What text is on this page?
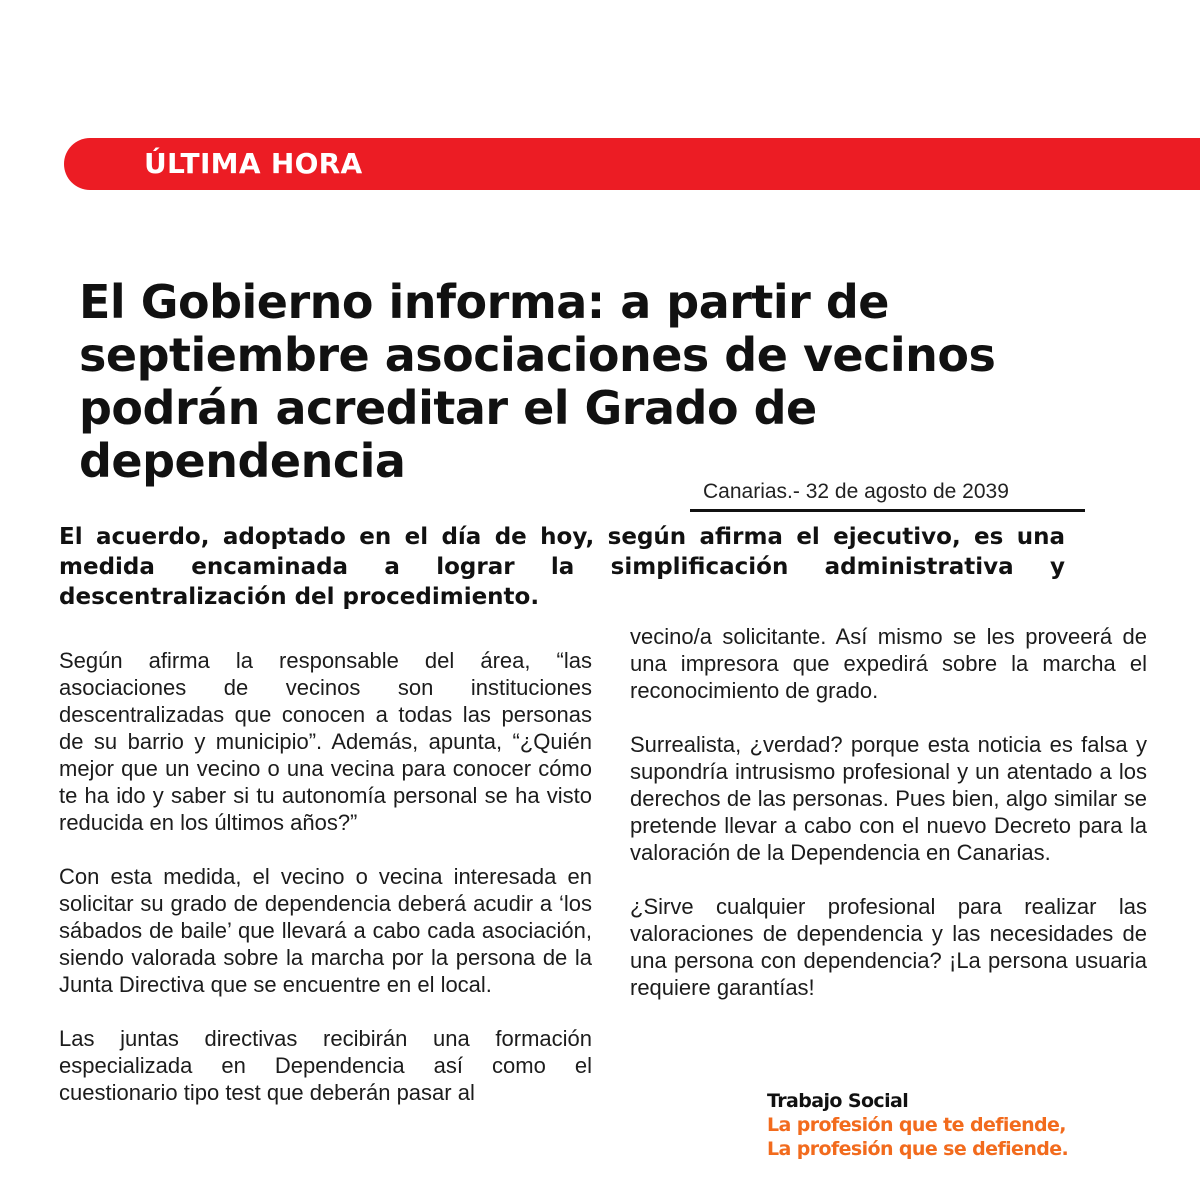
ÚLTIMA HORA
El Gobierno informa: a partir de septiembre asociaciones de vecinos podrán acreditar el Grado de dependencia
Canarias.- 32 de agosto de 2039

El acuerdo, adoptado en el día de hoy, según afirma el ejecutivo, es una medida encaminada a lograr la simplificación administrativa y descentralización del procedimiento.

Según afirma la responsable del área, “las asociaciones de vecinos son instituciones descentralizadas que conocen a todas las personas de su barrio y municipio”. Además, apunta, “¿Quién mejor que un vecino o una vecina para conocer cómo te ha ido y saber si tu autonomía personal se ha visto reducida en los últimos años?”

Con esta medida, el vecino o vecina interesada en solicitar su grado de dependencia deberá acudir a ‘los sábados de baile’ que llevará a cabo cada asociación, siendo valorada sobre la marcha por la persona de la Junta Directiva que se encuentre en el local.

Las juntas directivas recibirán una formación especializada en Dependencia así como el cuestionario tipo test que deberán pasar al

vecino/a solicitante. Así mismo se les proveerá de una impresora que expedirá sobre la marcha el reconocimiento de grado.

Surrealista, ¿verdad? porque esta noticia es falsa y supondría intrusismo profesional y un atentado a los derechos de las personas. Pues bien, algo similar se pretende llevar a cabo con el nuevo Decreto para la valoración de la Dependencia en Canarias.

¿Sirve cualquier profesional para realizar las valoraciones de dependencia y las necesidades de una persona con dependencia? ¡La persona usuaria requiere garantías!

Trabajo Social
La profesión que te defiende,
La profesión que se defiende.
